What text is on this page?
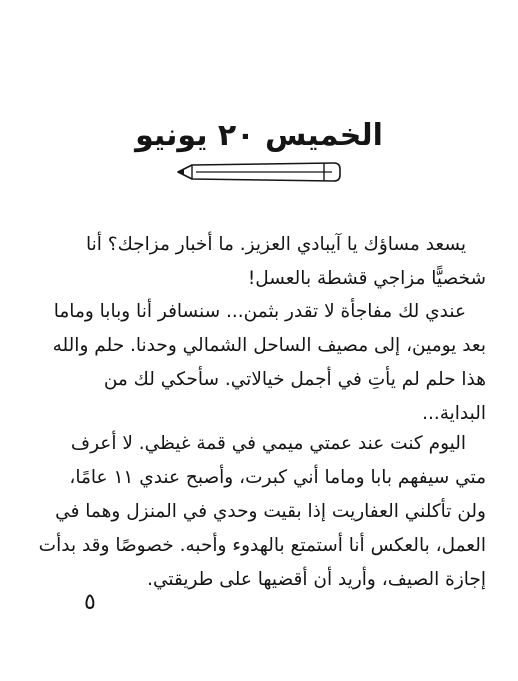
الخميس ٢٠ يونيو
يسعد مساؤك يا آيبادي العزيز. ما أخبار مزاجك؟ أنا شخصيًّا مزاجي قشطة بالعسل!
عندي لك مفاجأة لا تقدر بثمن... سنسافر أنا وبابا وماما بعد يومين، إلى مصيف الساحل الشمالي وحدنا. حلم والله هذا حلم لم يأتِ في أجمل خيالاتي. سأحكي لك من البداية...
اليوم كنت عند عمتي ميمي في قمة غيظي. لا أعرف متي سيفهم بابا وماما أني كبرت، وأصبح عندي ١١ عامًا، ولن تأكلني العفاريت إذا بقيت وحدي في المنزل وهما في العمل، بالعكس أنا أستمتع بالهدوء وأحبه. خصوصًا وقد بدأت إجازة الصيف، وأريد أن أقضيها على طريقتي.
٥
